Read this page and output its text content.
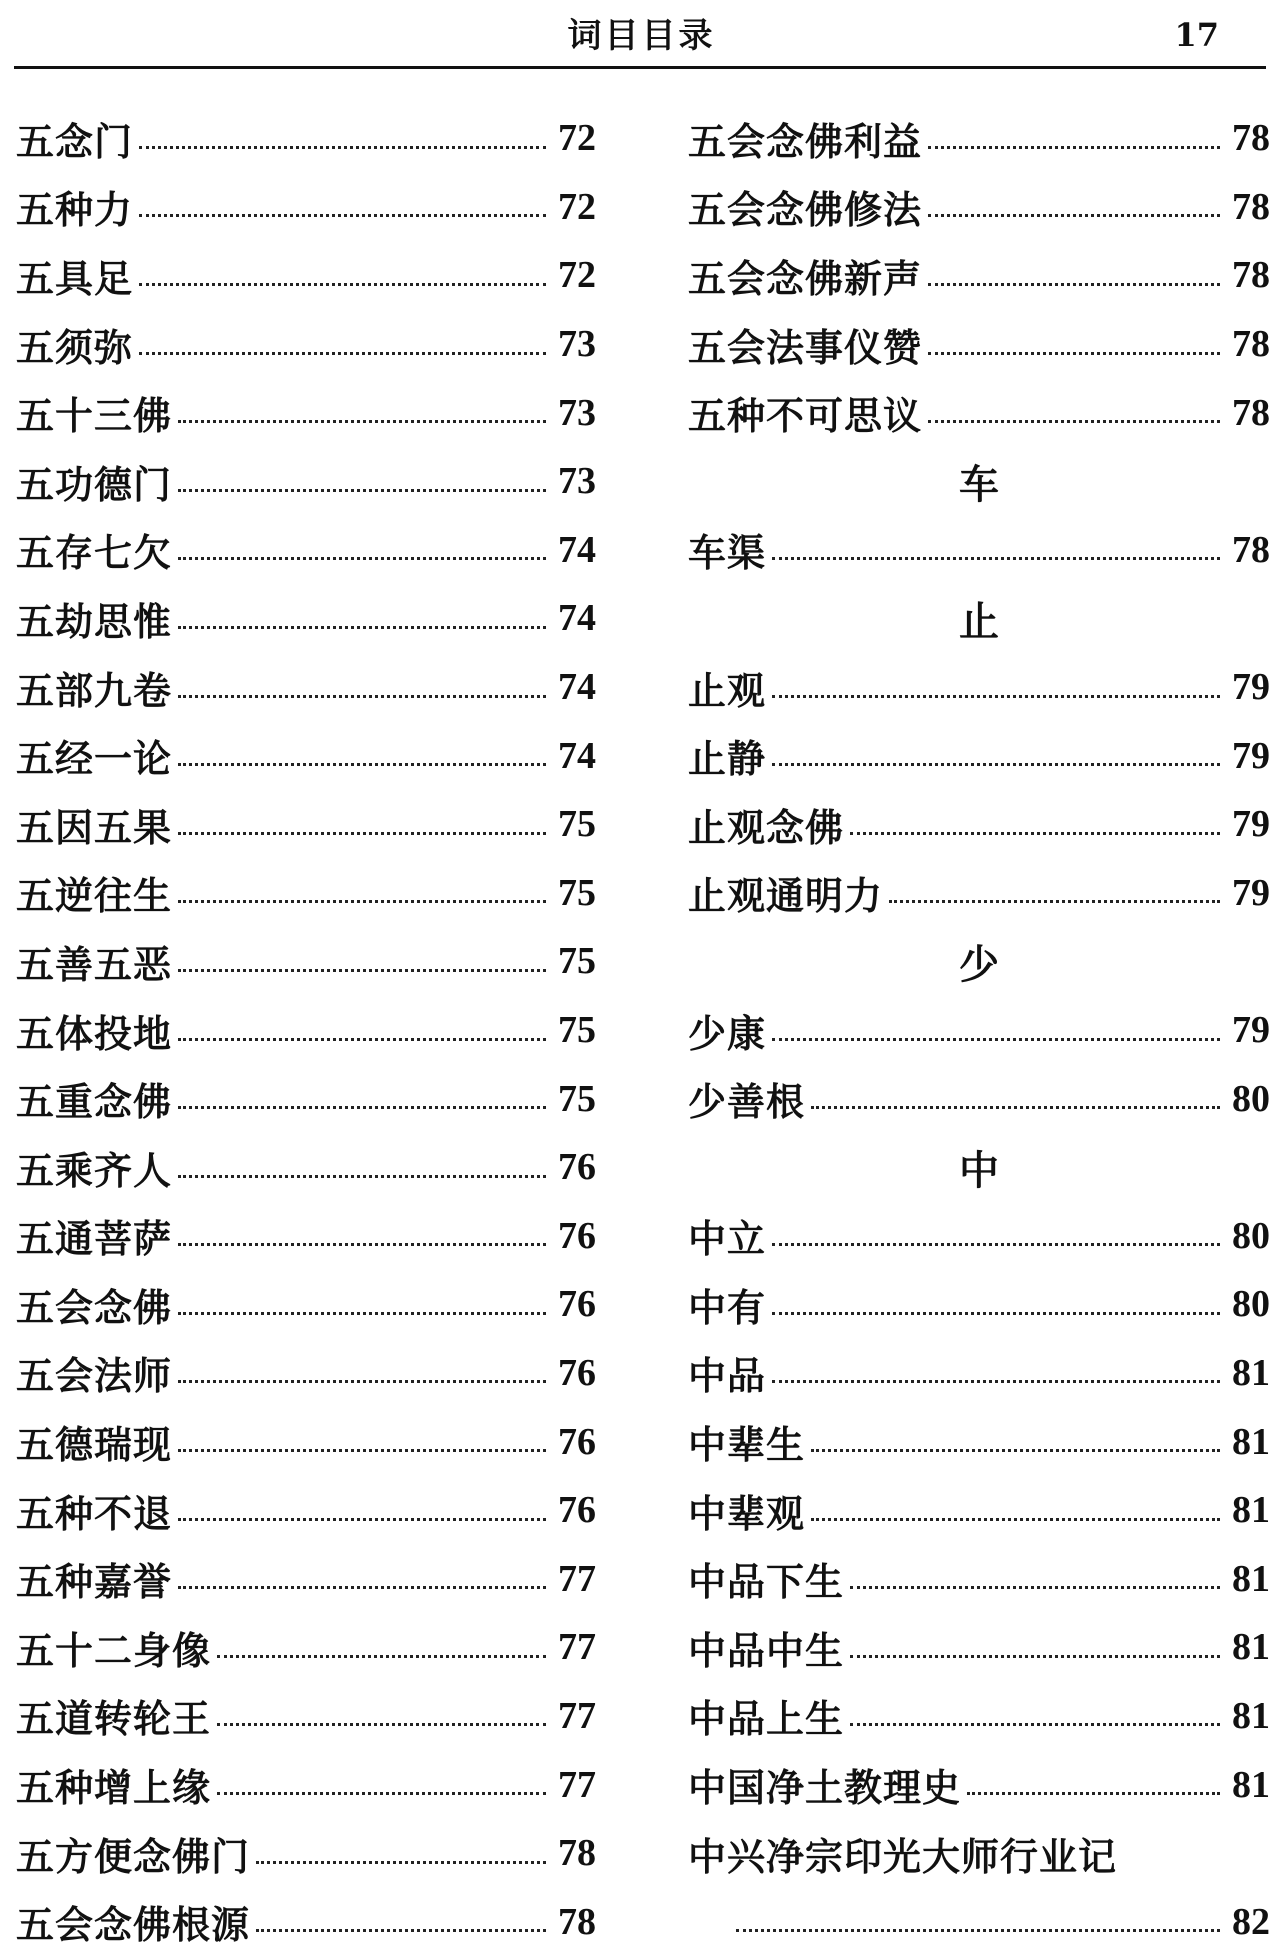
词目目录	17
五念门	72
五种力	72
五具足	72
五须弥	73
五十三佛	73
五功德门	73
五存七欠	74
五劫思惟	74
五部九卷	74
五经一论	74
五因五果	75
五逆往生	75
五善五恶	75
五体投地	75
五重念佛	75
五乘齐人	76
五通菩萨	76
五会念佛	76
五会法师	76
五德瑞现	76
五种不退	76
五种嘉誉	77
五十二身像	77
五道转轮王	77
五种增上缘	77
五方便念佛门	78
五会念佛根源	78
五会念佛利益	78
五会念佛修法	78
五会念佛新声	78
五会法事仪赞	78
五种不可思议	78
车
车渠	78
止
止观	79
止静	79
止观念佛	79
止观通明力	79
少
少康	79
少善根	80
中
中立	80
中有	80
中品	81
中辈生	81
中辈观	81
中品下生	81
中品中生	81
中品上生	81
中国净土教理史	81
中兴净宗印光大师行业记
82
